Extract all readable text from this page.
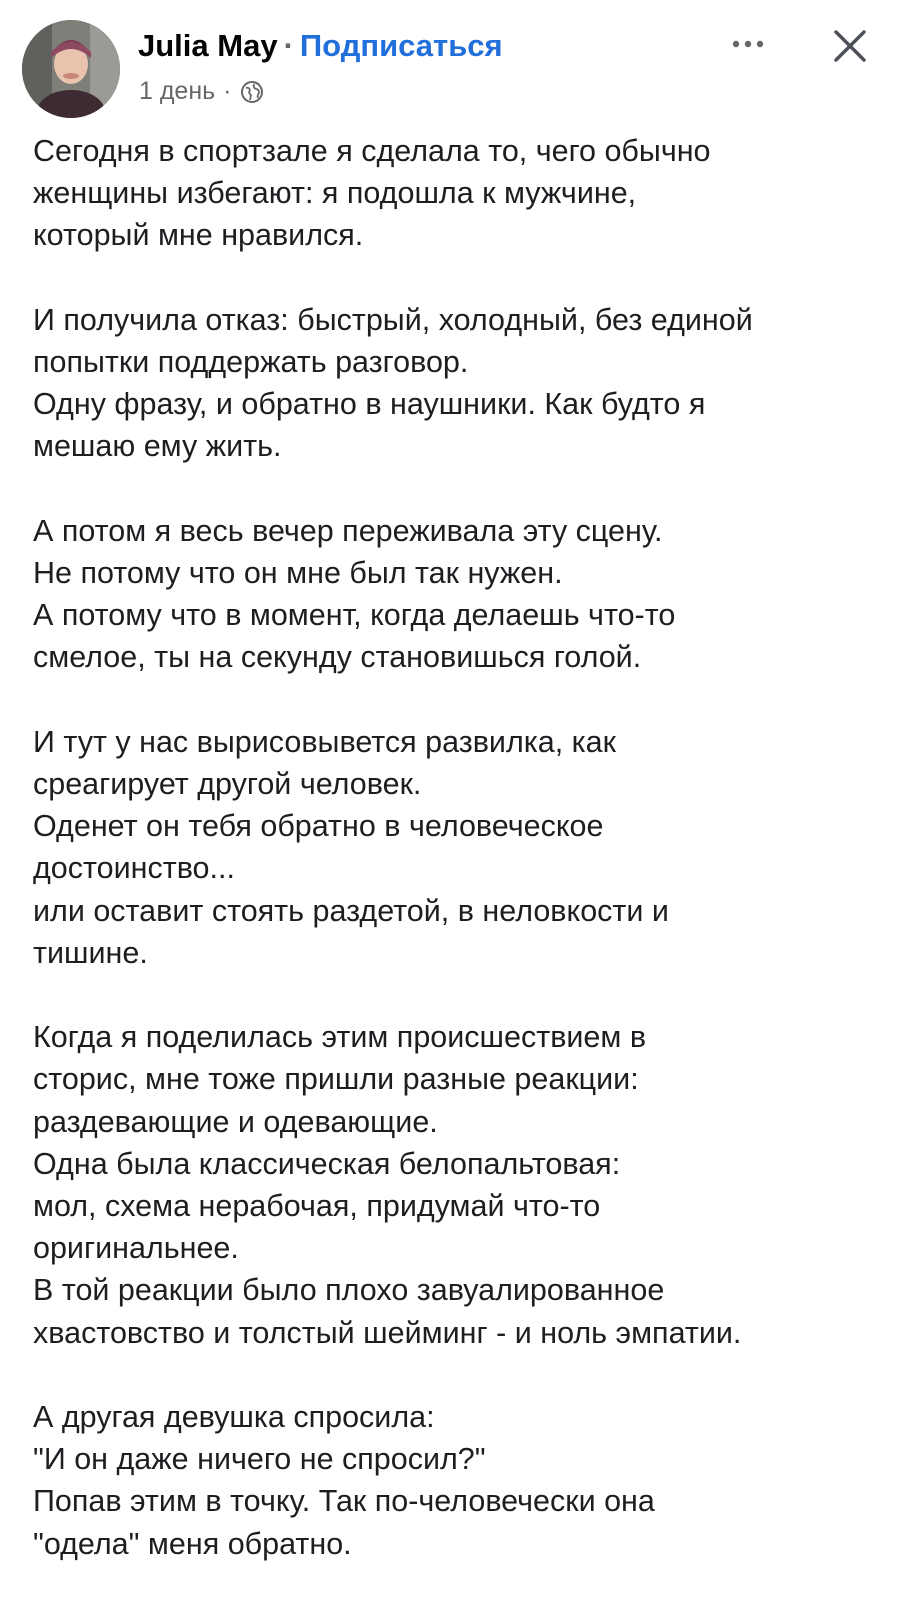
Julia May · Подписаться
1 день ·

Сегодня в спортзале я сделала то, чего обычно
женщины избегают: я подошла к мужчине,
который мне нравился.

И получила отказ: быстрый, холодный, без единой
попытки поддержать разговор.
Одну фразу, и обратно в наушники. Как будто я
мешаю ему жить.

А потом я весь вечер переживала эту сцену.
Не потому что он мне был так нужен.
А потому что в момент, когда делаешь что-то
смелое, ты на секунду становишься голой.

И тут у нас вырисовывется развилка, как
среагирует другой человек.
Оденет он тебя обратно в человеческое
достоинство...
или оставит стоять раздетой, в неловкости и
тишине.

Когда я поделилась этим происшествием в
сторис, мне тоже пришли разные реакции:
раздевающие и одевающие.
Одна была классическая белопальтовая:
мол, схема нерабочая, придумай что-то
оригинальнее.
В той реакции было плохо завуалированное
хвастовство и толстый шейминг - и ноль эмпатии.

А другая девушка спросила:
"И он даже ничего не спросил?"
Попав этим в точку. Так по-человечески она
"одела" меня обратно.
